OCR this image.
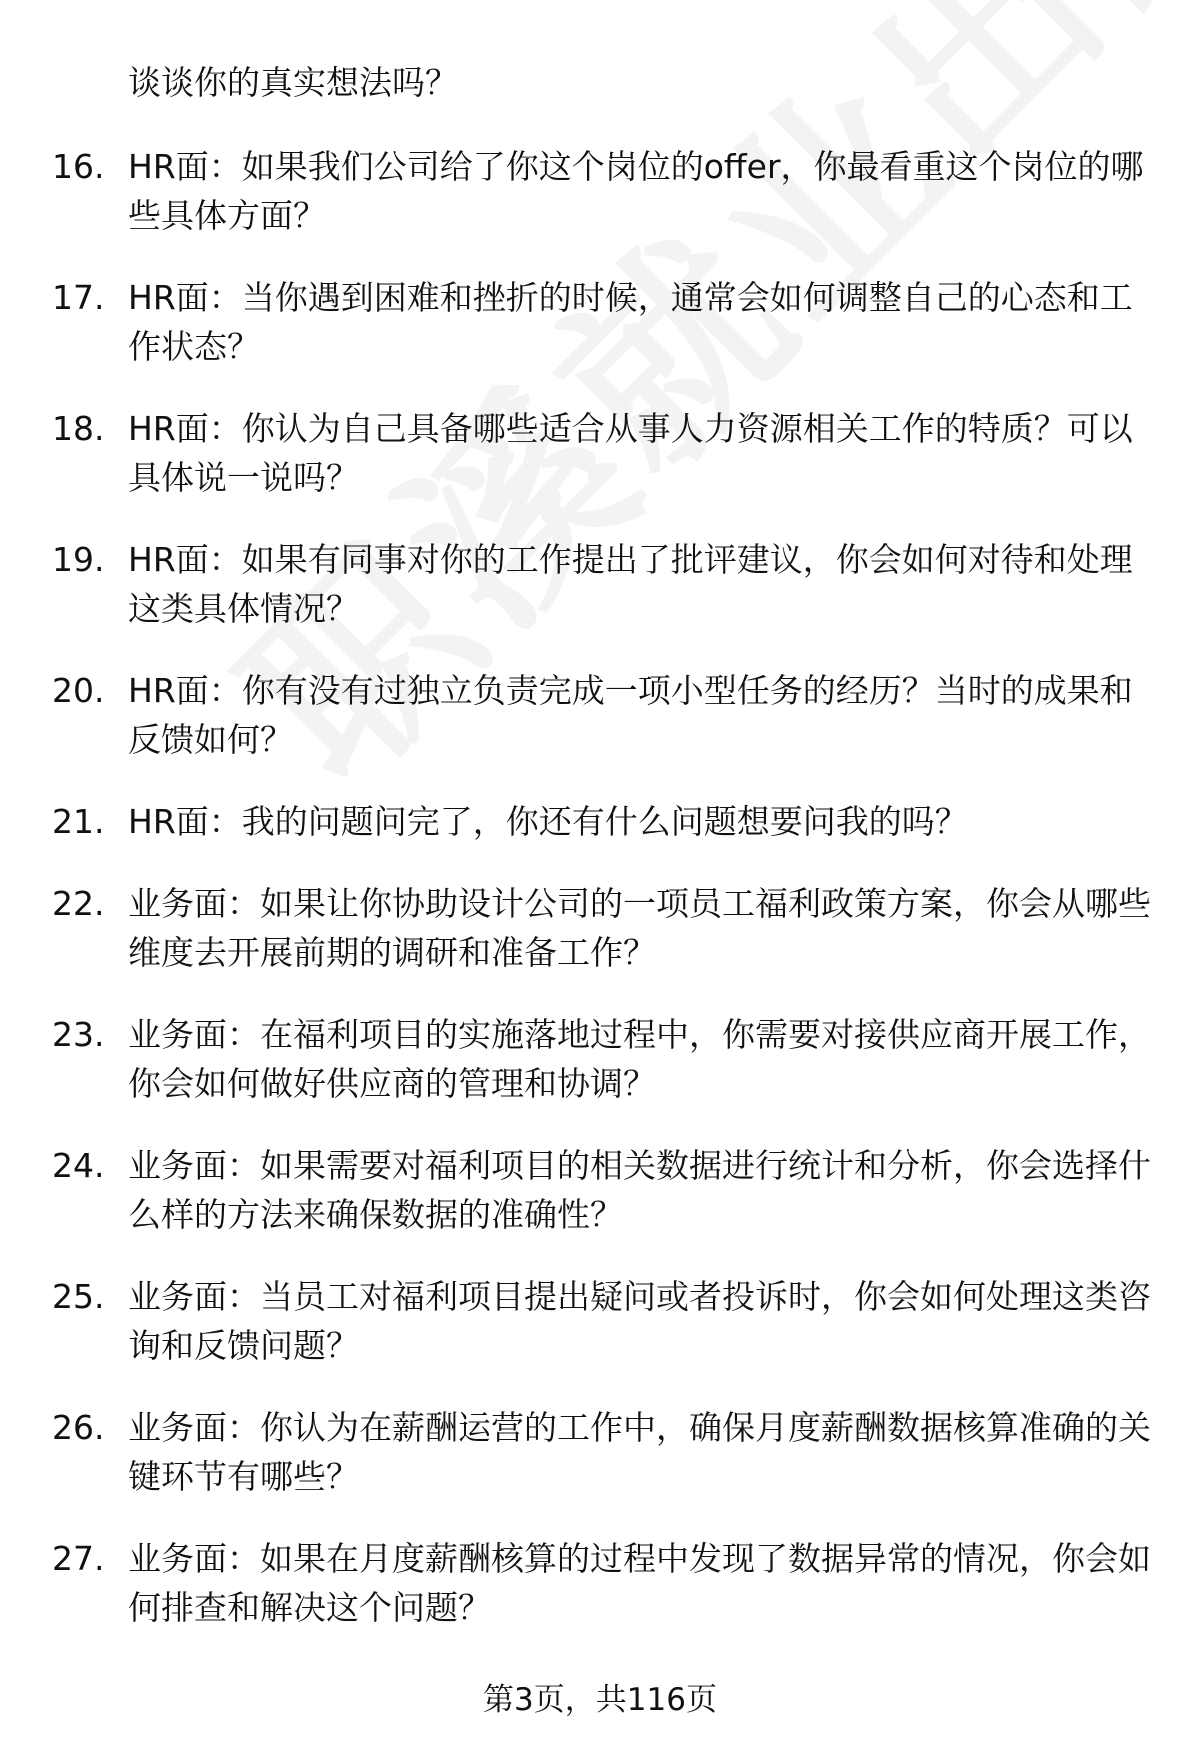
谈谈你的真实想法吗？
16. HR面：如果我们公司给了你这个岗位的offer，你最看重这个岗位的哪些具体方面？
17. HR面：当你遇到困难和挫折的时候，通常会如何调整自己的心态和工作状态？
18. HR面：你认为自己具备哪些适合从事人力资源相关工作的特质？可以具体说一说吗？
19. HR面：如果有同事对你的工作提出了批评建议，你会如何对待和处理这类具体情况？
20. HR面：你有没有过独立负责完成一项小型任务的经历？当时的成果和反馈如何？
21. HR面：我的问题问完了，你还有什么问题想要问我的吗？
22. 业务面：如果让你协助设计公司的一项员工福利政策方案，你会从哪些维度去开展前期的调研和准备工作？
23. 业务面：在福利项目的实施落地过程中，你需要对接供应商开展工作，你会如何做好供应商的管理和协调？
24. 业务面：如果需要对福利项目的相关数据进行统计和分析，你会选择什么样的方法来确保数据的准确性？
25. 业务面：当员工对福利项目提出疑问或者投诉时，你会如何处理这类咨询和反馈问题？
26. 业务面：你认为在薪酬运营的工作中，确保月度薪酬数据核算准确的关键环节有哪些？
27. 业务面：如果在月度薪酬核算的过程中发现了数据异常的情况，你会如何排查和解决这个问题？
第3页，共116页
